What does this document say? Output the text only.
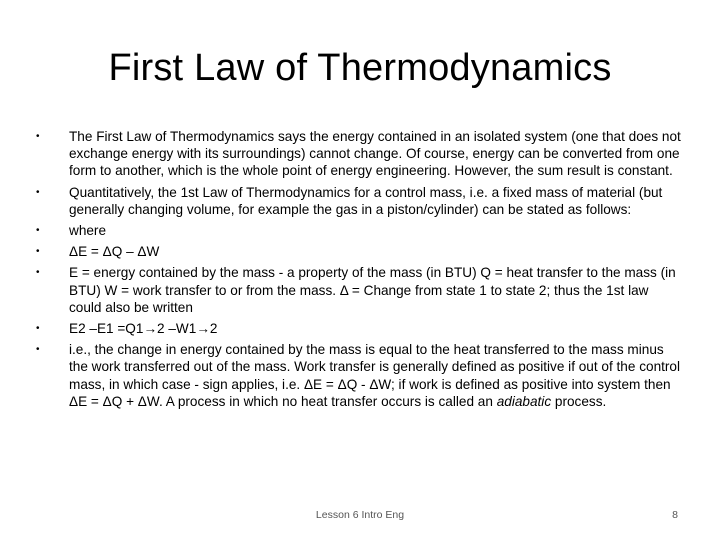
First Law of Thermodynamics
• The First Law of Thermodynamics says the energy contained in an isolated system (one that does not exchange energy with its surroundings) cannot change. Of course, energy can be converted from one form to another, which is the whole point of energy engineering. However, the sum result is constant.
• Quantitatively, the 1st Law of Thermodynamics for a control mass, i.e. a fixed mass of material (but generally changing volume, for example the gas in a piston/cylinder) can be stated as follows:
• where
• ΔE = ΔQ – ΔW
• E = energy contained by the mass - a property of the mass (in BTU) Q = heat transfer to the mass (in BTU) W = work transfer to or from the mass. Δ = Change from state 1 to state 2; thus the 1st law could also be written
• E2 –E1 =Q1→2 –W1→2
• i.e., the change in energy contained by the mass is equal to the heat transferred to the mass minus the work transferred out of the mass. Work transfer is generally defined as positive if out of the control mass, in which case - sign applies, i.e. ΔE = ΔQ - ΔW; if work is defined as positive into system then ΔE = ΔQ + ΔW. A process in which no heat transfer occurs is called an adiabatic process.
Lesson 6 Intro Eng	8
